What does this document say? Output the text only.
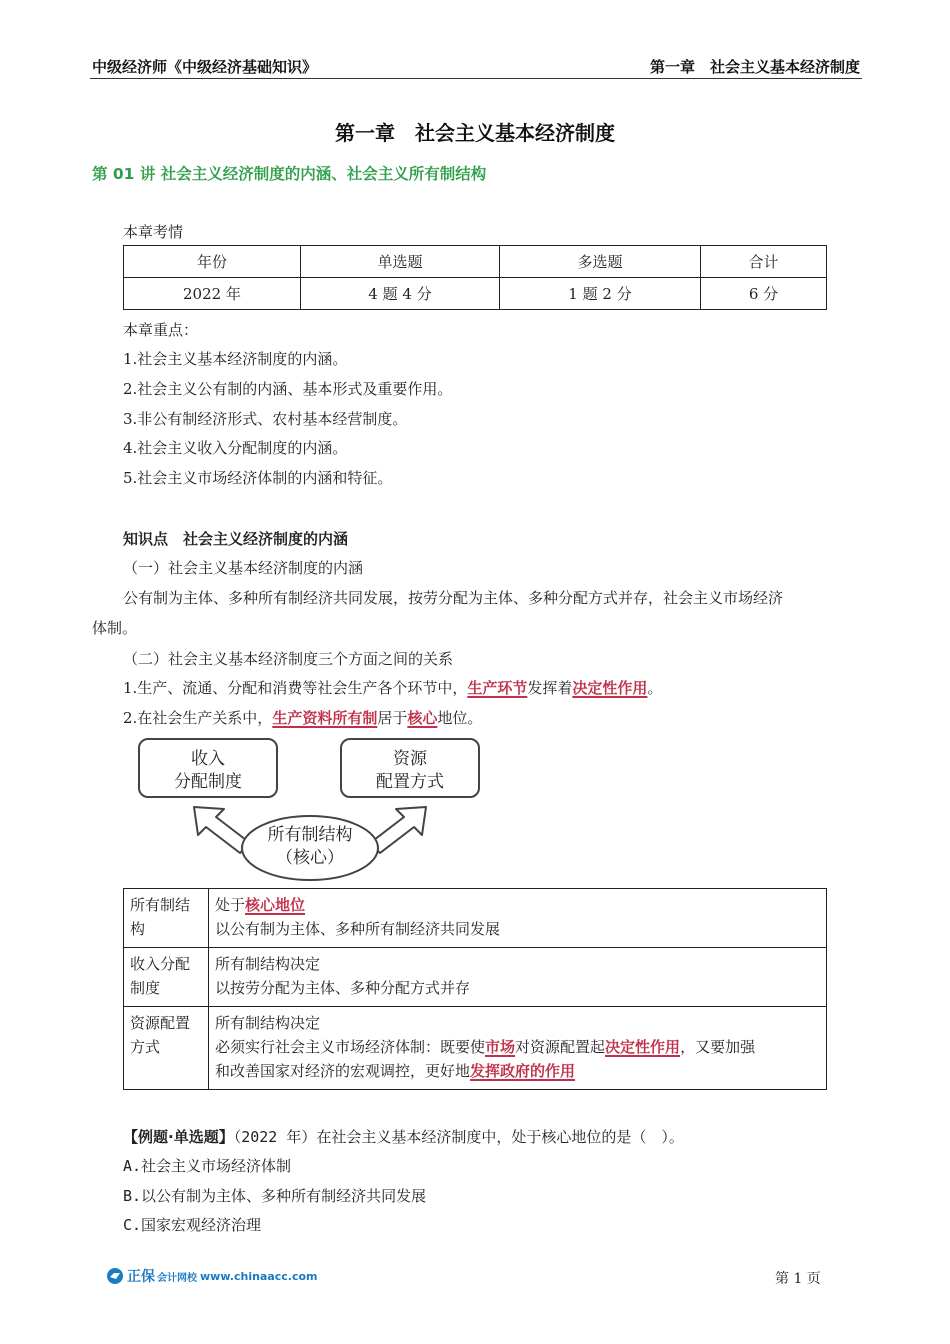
中级经济师《中级经济基础知识》	第一章　社会主义基本经济制度
第一章　社会主义基本经济制度
第 01 讲 社会主义经济制度的内涵、社会主义所有制结构
本章考情
年份	单选题	多选题	合计
2022 年	4 题 4 分	1 题 2 分	6 分
本章重点：
1.社会主义基本经济制度的内涵。
2.社会主义公有制的内涵、基本形式及重要作用。
3.非公有制经济形式、农村基本经营制度。
4.社会主义收入分配制度的内涵。
5.社会主义市场经济体制的内涵和特征。
知识点　社会主义经济制度的内涵
（一）社会主义基本经济制度的内涵
公有制为主体、多种所有制经济共同发展，按劳分配为主体、多种分配方式并存，社会主义市场经济
体制。
（二）社会主义基本经济制度三个方面之间的关系
1.生产、流通、分配和消费等社会生产各个环节中，生产环节发挥着决定性作用。
2.在社会生产关系中，生产资料所有制居于核心地位。
收入
分配制度
资源
配置方式
所有制结构
（核心）
所有制结构	处于核心地位
以公有制为主体、多种所有制经济共同发展

收入分配制度	所有制结构决定
以按劳分配为主体、多种分配方式并存

资源配置方式	所有制结构决定
必须实行社会主义市场经济体制：既要使市场对资源配置起决定性作用，又要加强
和改善国家对经济的宏观调控，更好地发挥政府的作用
【例题·单选题】（2022 年）在社会主义基本经济制度中，处于核心地位的是（　）。
A.社会主义市场经济体制
B.以公有制为主体、多种所有制经济共同发展
C.国家宏观经济治理
正保 会计网校 www.chinaacc.com	第 1 页
